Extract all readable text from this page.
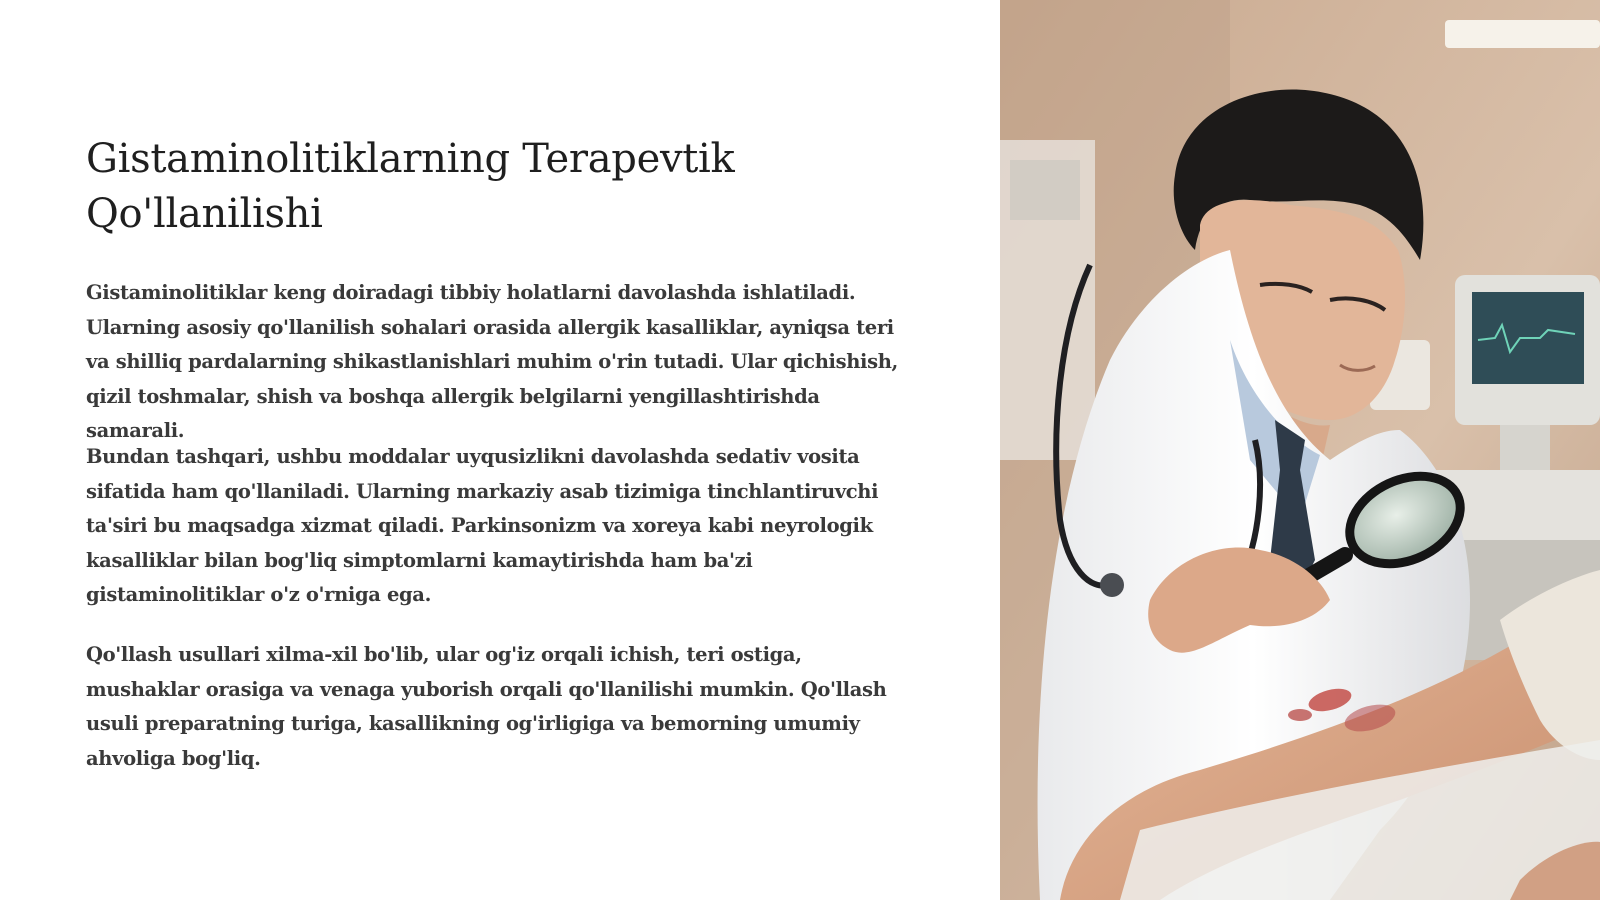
Gistaminolitiklarning Terapevtik Qo'llanilishi

Gistaminolitiklar keng doiradagi tibbiy holatlarni davolashda ishlatiladi. Ularning asosiy qo'llanilish sohalari orasida allergik kasalliklar, ayniqsa teri va shilliq pardalarning shikastlanishlari muhim o'rin tutadi. Ular qichishish, qizil toshmalar, shish va boshqa allergik belgilarni yengillashtirishda samarali.

Bundan tashqari, ushbu moddalar uyqusizlikni davolashda sedativ vosita sifatida ham qo'llaniladi. Ularning markaziy asab tizimiga tinchlantiruvchi ta'siri bu maqsadga xizmat qiladi. Parkinsonizm va xoreya kabi neyrologik kasalliklar bilan bog'liq simptomlarni kamaytirishda ham ba'zi gistaminolitiklar o'z o'rniga ega.

Qo'llash usullari xilma-xil bo'lib, ular og'iz orqali ichish, teri ostiga, mushaklar orasiga va venaga yuborish orqali qo'llanilishi mumkin. Qo'llash usuli preparatning turiga, kasallikning og'irligiga va bemorning umumiy ahvoliga bog'liq.
